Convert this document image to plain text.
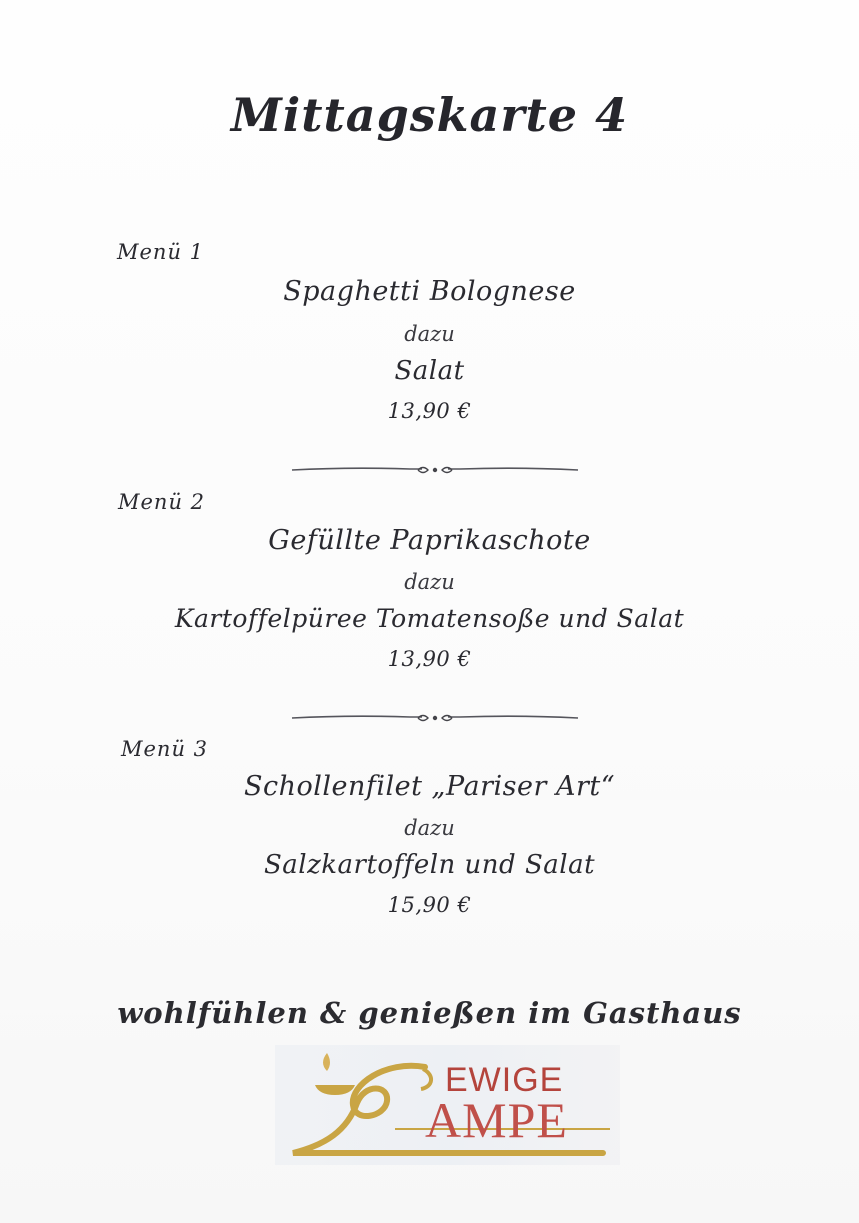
Mittagskarte 4
Menü 1
Spaghetti Bolognese
dazu
Salat
13,90 €
Menü 2
Gefüllte Paprikaschote
dazu
Kartoffelpüree Tomatensoße und Salat
13,90 €
Menü 3
Schollenfilet „Pariser Art“
dazu
Salzkartoffeln und Salat
15,90 €
wohlfühlen & genießen im Gasthaus
EWIGE
AMPE
